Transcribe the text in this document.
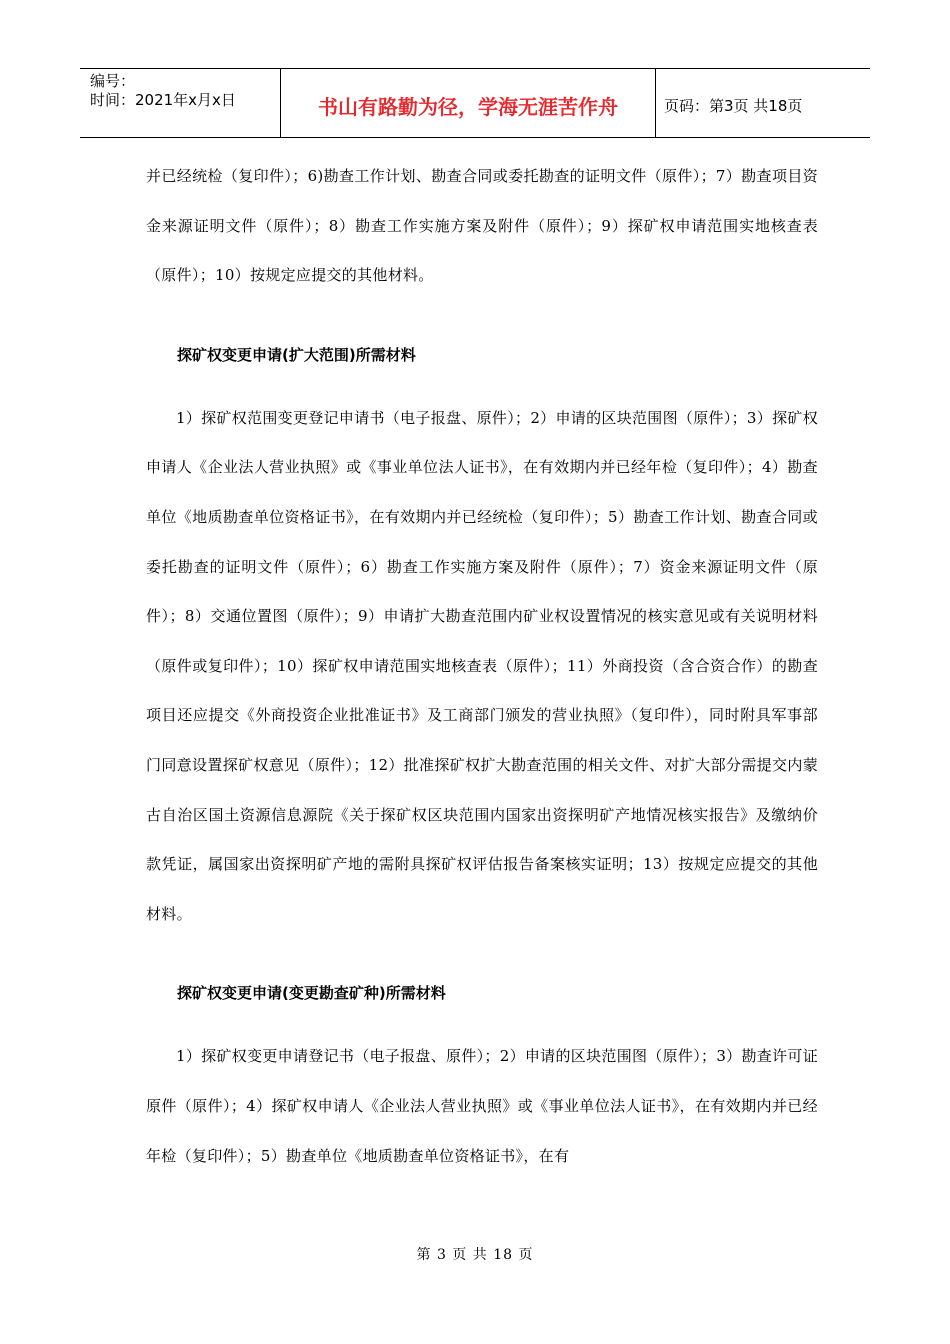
编号：
时间：2021年x月x日	书山有路勤为径，学海无涯苦作舟	页码：第3页 共18页

并已经统检（复印件）；6)勘查工作计划、勘查合同或委托勘查的证明文件（原件）；7）勘查项目资金来源证明文件（原件）；8）勘查工作实施方案及附件（原件）；9）探矿权申请范围实地核查表（原件）；10）按规定应提交的其他材料。

探矿权变更申请(扩大范围)所需材料

1）探矿权范围变更登记申请书（电子报盘、原件）；2）申请的区块范围图（原件）；3）探矿权申请人《企业法人营业执照》或《事业单位法人证书》，在有效期内并已经年检（复印件）；4）勘查单位《地质勘查单位资格证书》，在有效期内并已经统检（复印件）；5）勘查工作计划、勘查合同或委托勘查的证明文件（原件）；6）勘查工作实施方案及附件（原件）；7）资金来源证明文件（原件）；8）交通位置图（原件）；9）申请扩大勘查范围内矿业权设置情况的核实意见或有关说明材料（原件或复印件）；10）探矿权申请范围实地核查表（原件）；11）外商投资（含合资合作）的勘查项目还应提交《外商投资企业批准证书》及工商部门颁发的营业执照》（复印件），同时附具军事部门同意设置探矿权意见（原件）；12）批准探矿权扩大勘查范围的相关文件、对扩大部分需提交内蒙古自治区国土资源信息源院《关于探矿权区块范围内国家出资探明矿产地情况核实报告》及缴纳价款凭证，属国家出资探明矿产地的需附具探矿权评估报告备案核实证明；13）按规定应提交的其他材料。

探矿权变更申请(变更勘查矿种)所需材料

1）探矿权变更申请登记书（电子报盘、原件）；2）申请的区块范围图（原件）；3）勘查许可证原件（原件）；4）探矿权申请人《企业法人营业执照》或《事业单位法人证书》，在有效期内并已经年检（复印件）；5）勘查单位《地质勘查单位资格证书》，在有

第 3 页 共 18 页
